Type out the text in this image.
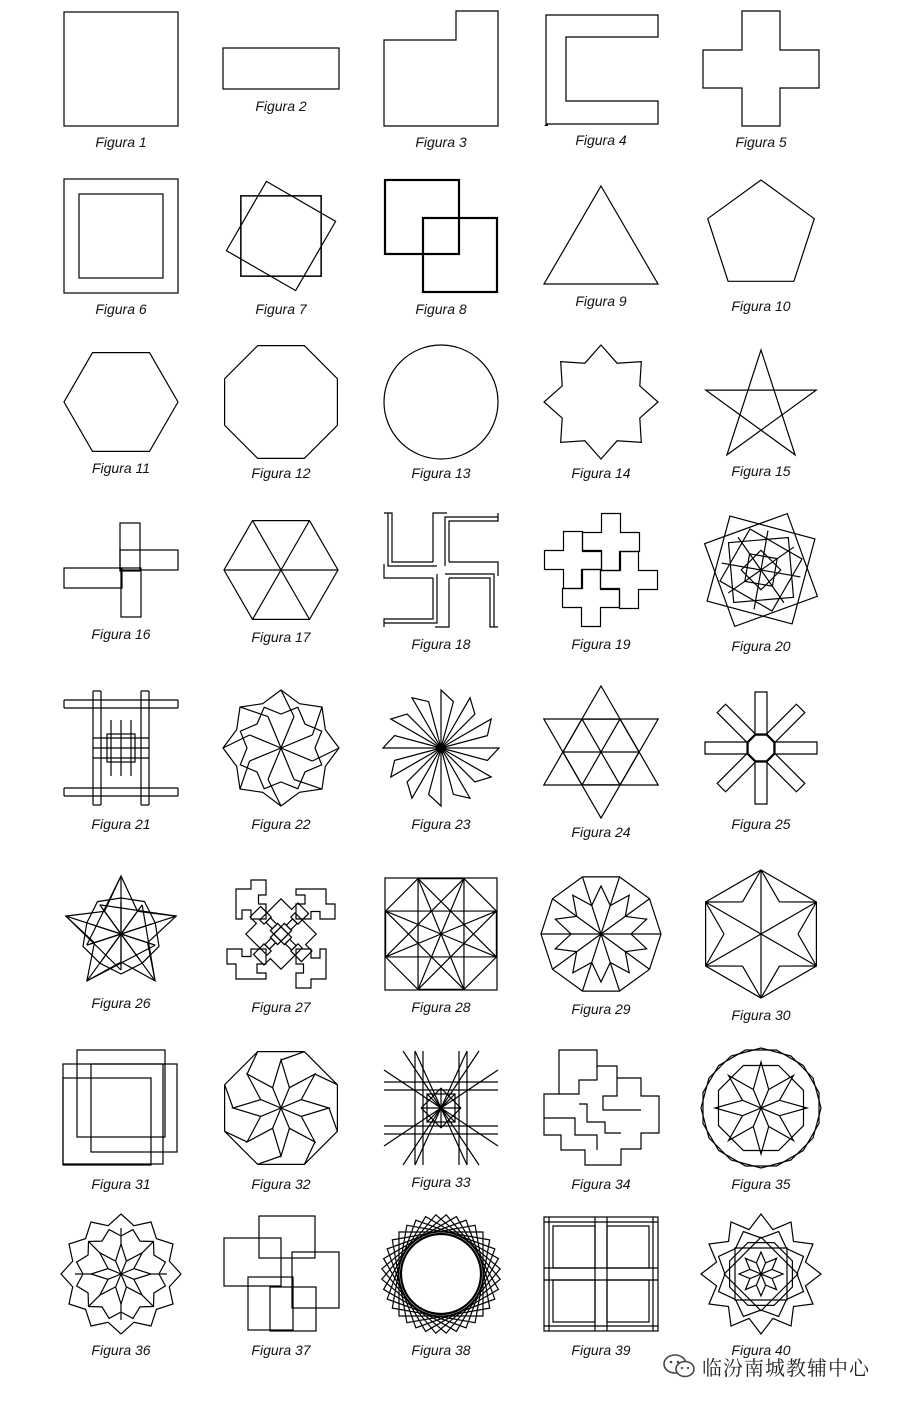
Figura 1
Figura 2
Figura 3	Figura 4	Figura 5
Figura 6	Figura 7	Figura 8	Figura 9	Figura 10
Figura 11	Figura 12	Figura 13	Figura 14	Figura 15
Figura 16	Figura 17	Figura 18	Figura 19	Figura 20
Figura 21	Figura 22	Figura 23	Figura 24	Figura 25
Figura 26	Figura 27	Figura 28	Figura 29	Figura 30
Figura 31	Figura 32	Figura 33	Figura 34	Figura 35
Figura 36	Figura 37	Figura 38	Figura 39	Figura 40
临汾南城教辅中心
